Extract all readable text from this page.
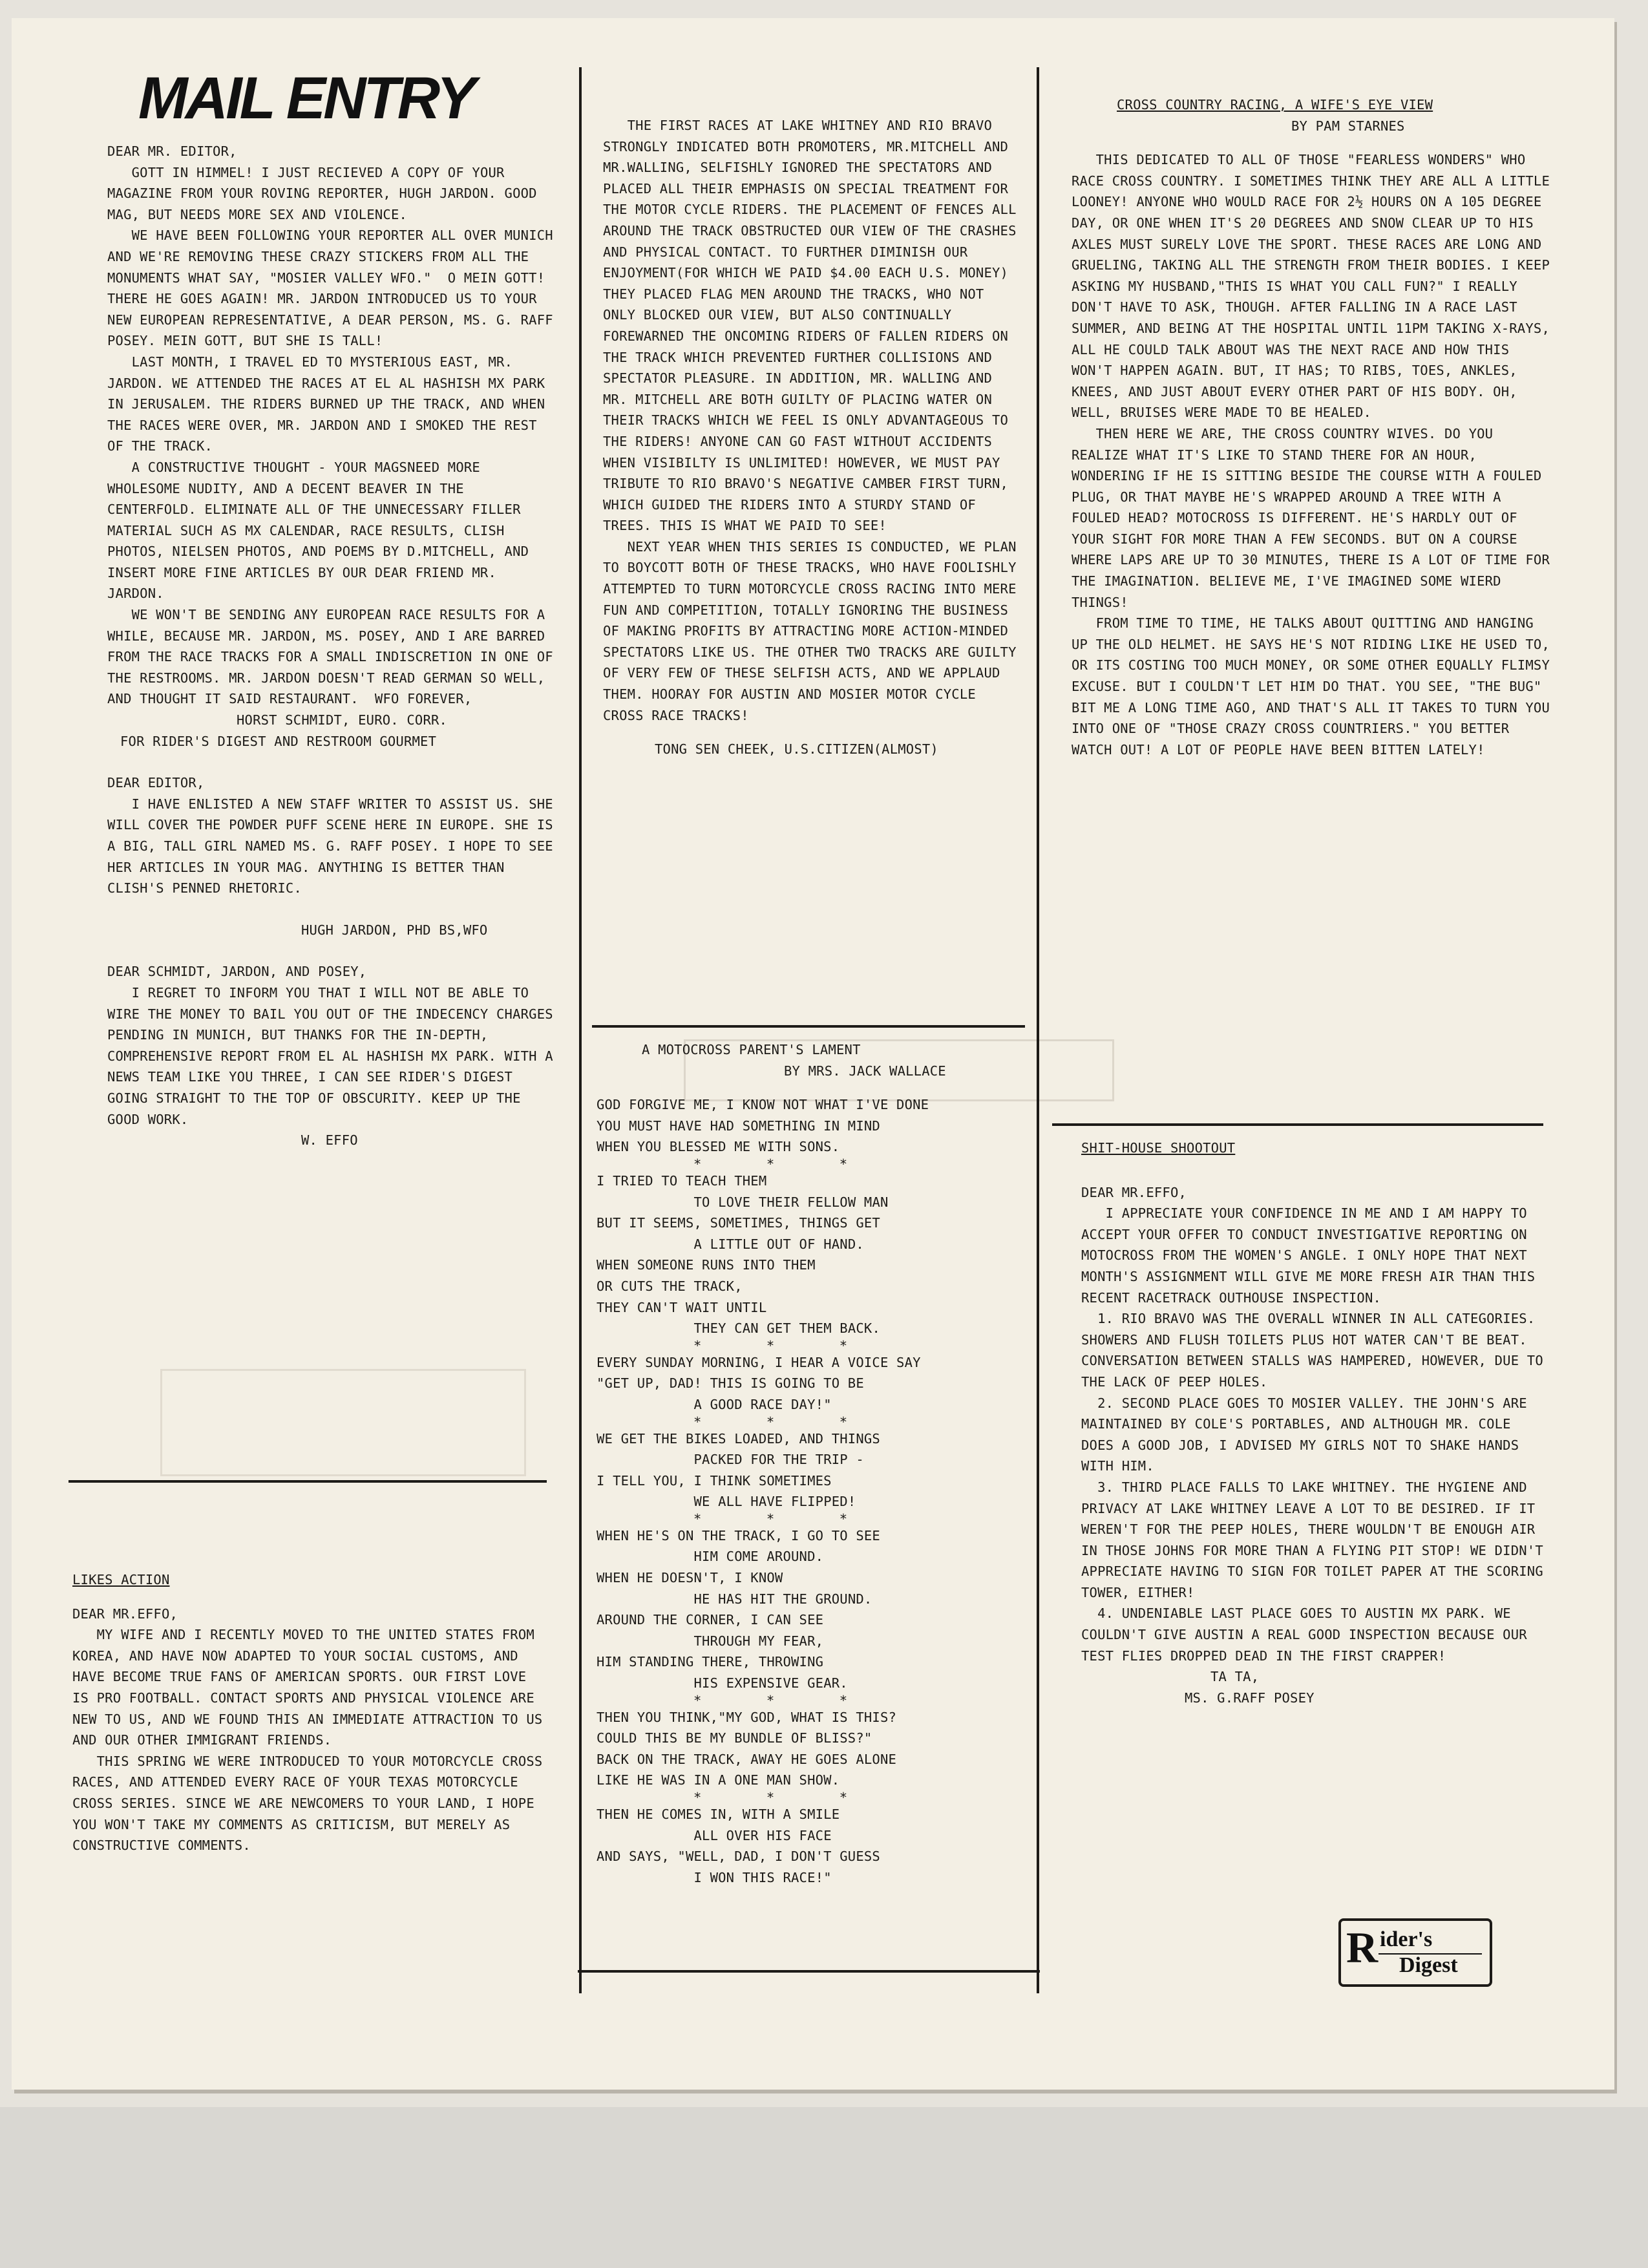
MAIL ENTRY

DEAR MR. EDITOR,
GOTT IN HIMMEL! I JUST RECIEVED A COPY OF YOUR MAGAZINE FROM YOUR ROVING REPORTER, HUGH JARDON. GOOD MAG, BUT NEEDS MORE SEX AND VIOLENCE.
WE HAVE BEEN FOLLOWING YOUR REPORTER ALL OVER MUNICH AND WE'RE REMOVING THESE CRAZY STICKERS FROM ALL THE MONUMENTS WHAT SAY, "MOSIER VALLEY WFO."  O MEIN GOTT! THERE HE GOES AGAIN! MR. JARDON INTRODUCED US TO YOUR NEW EUROPEAN REPRESENTATIVE, A DEAR PERSON, MS. G. RAFF POSEY. MEIN GOTT, BUT SHE IS TALL!
LAST MONTH, I TRAVEL ED TO MYSTERIOUS EAST, MR. JARDON. WE ATTENDED THE RACES AT EL AL HASHISH MX PARK IN JERUSALEM. THE RIDERS BURNED UP THE TRACK, AND WHEN THE RACES WERE OVER, MR. JARDON AND I SMOKED THE REST OF THE TRACK.
A CONSTRUCTIVE THOUGHT - YOUR MAGSNEED MORE WHOLESOME NUDITY, AND A DECENT BEAVER IN THE CENTERFOLD. ELIMINATE ALL OF THE UNNECESSARY FILLER MATERIAL SUCH AS MX CALENDAR, RACE RESULTS, CLISH PHOTOS, NIELSEN PHOTOS, AND POEMS BY D.MITCHELL, AND INSERT MORE FINE ARTICLES BY OUR DEAR FRIEND MR. JARDON.
WE WON'T BE SENDING ANY EUROPEAN RACE RESULTS FOR A WHILE, BECAUSE MR. JARDON, MS. POSEY, AND I ARE BARRED FROM THE RACE TRACKS FOR A SMALL INDISCRETION IN ONE OF THE RESTROOMS. MR. JARDON DOESN'T READ GERMAN SO WELL, AND THOUGHT IT SAID RESTAURANT.  WFO FOREVER,

HORST SCHMIDT, EURO. CORR.

FOR RIDER'S DIGEST AND RESTROOM GOURMET

DEAR EDITOR,
I HAVE ENLISTED A NEW STAFF WRITER TO ASSIST US. SHE WILL COVER THE POWDER PUFF SCENE HERE IN EUROPE. SHE IS A BIG, TALL GIRL NAMED MS. G. RAFF POSEY. I HOPE TO SEE HER ARTICLES IN YOUR MAG. ANYTHING IS BETTER THAN CLISH'S PENNED RHETORIC.

HUGH JARDON, PHD BS,WFO

DEAR SCHMIDT, JARDON, AND POSEY,
I REGRET TO INFORM YOU THAT I WILL NOT BE ABLE TO WIRE THE MONEY TO BAIL YOU OUT OF THE INDECENCY CHARGES PENDING IN MUNICH, BUT THANKS FOR THE IN-DEPTH, COMPREHENSIVE REPORT FROM EL AL HASHISH MX PARK. WITH A NEWS TEAM LIKE YOU THREE, I CAN SEE RIDER'S DIGEST GOING STRAIGHT TO THE TOP OF OBSCURITY. KEEP UP THE GOOD WORK.

W. EFFO

LIKES ACTION

DEAR MR.EFFO,
MY WIFE AND I RECENTLY MOVED TO THE UNITED STATES FROM KOREA, AND HAVE NOW ADAPTED TO YOUR SOCIAL CUSTOMS, AND HAVE BECOME TRUE FANS OF AMERICAN SPORTS. OUR FIRST LOVE IS PRO FOOTBALL. CONTACT SPORTS AND PHYSICAL VIOLENCE ARE NEW TO US, AND WE FOUND THIS AN IMMEDIATE ATTRACTION TO US AND OUR OTHER IMMIGRANT FRIENDS.
THIS SPRING WE WERE INTRODUCED TO YOUR MOTORCYCLE CROSS RACES, AND ATTENDED EVERY RACE OF YOUR TEXAS MOTORCYCLE CROSS SERIES. SINCE WE ARE NEWCOMERS TO YOUR LAND, I HOPE YOU WON'T TAKE MY COMMENTS AS CRITICISM, BUT MERELY AS CONSTRUCTIVE COMMENTS.

THE FIRST RACES AT LAKE WHITNEY AND RIO BRAVO STRONGLY INDICATED BOTH PROMOTERS, MR.MITCHELL AND MR.WALLING, SELFISHLY IGNORED THE SPECTATORS AND PLACED ALL THEIR EMPHASIS ON SPECIAL TREATMENT FOR THE MOTOR CYCLE RIDERS. THE PLACEMENT OF FENCES ALL AROUND THE TRACK OBSTRUCTED OUR VIEW OF THE CRASHES AND PHYSICAL CONTACT. TO FURTHER DIMINISH OUR ENJOYMENT(FOR WHICH WE PAID $4.00 EACH U.S. MONEY) THEY PLACED FLAG MEN AROUND THE TRACKS, WHO NOT ONLY BLOCKED OUR VIEW, BUT ALSO CONTINUALLY FOREWARNED THE ONCOMING RIDERS OF FALLEN RIDERS ON THE TRACK WHICH PREVENTED FURTHER COLLISIONS AND SPECTATOR PLEASURE. IN ADDITION, MR. WALLING AND MR. MITCHELL ARE BOTH GUILTY OF PLACING WATER ON THEIR TRACKS WHICH WE FEEL IS ONLY ADVANTAGEOUS TO THE RIDERS! ANYONE CAN GO FAST WITHOUT ACCIDENTS WHEN VISIBILTY IS UNLIMITED! HOWEVER, WE MUST PAY TRIBUTE TO RIO BRAVO'S NEGATIVE CAMBER FIRST TURN, WHICH GUIDED THE RIDERS INTO A STURDY STAND OF TREES. THIS IS WHAT WE PAID TO SEE!
NEXT YEAR WHEN THIS SERIES IS CONDUCTED, WE PLAN TO BOYCOTT BOTH OF THESE TRACKS, WHO HAVE FOOLISHLY ATTEMPTED TO TURN MOTORCYCLE CROSS RACING INTO MERE FUN AND COMPETITION, TOTALLY IGNORING THE BUSINESS OF MAKING PROFITS BY ATTRACTING MORE ACTION-MINDED SPECTATORS LIKE US. THE OTHER TWO TRACKS ARE GUILTY OF VERY FEW OF THESE SELFISH ACTS, AND WE APPLAUD THEM. HOORAY FOR AUSTIN AND MOSIER MOTOR CYCLE CROSS RACE TRACKS!

TONG SEN CHEEK, U.S.CITIZEN(ALMOST)

A MOTOCROSS PARENT'S LAMENT

BY MRS. JACK WALLACE

GOD FORGIVE ME, I KNOW NOT WHAT I'VE DONE

YOU MUST HAVE HAD SOMETHING IN MIND

WHEN YOU BLESSED ME WITH SONS.

*        *        *

I TRIED TO TEACH THEM

TO LOVE THEIR FELLOW MAN

BUT IT SEEMS, SOMETIMES, THINGS GET

A LITTLE OUT OF HAND.

WHEN SOMEONE RUNS INTO THEM

OR CUTS THE TRACK,

THEY CAN'T WAIT UNTIL

THEY CAN GET THEM BACK.

*        *        *

EVERY SUNDAY MORNING, I HEAR A VOICE SAY

"GET UP, DAD! THIS IS GOING TO BE

A GOOD RACE DAY!"

*        *        *

WE GET THE BIKES LOADED, AND THINGS

PACKED FOR THE TRIP -

I TELL YOU, I THINK SOMETIMES

WE ALL HAVE FLIPPED!

*        *        *

WHEN HE'S ON THE TRACK, I GO TO SEE

HIM COME AROUND.

WHEN HE DOESN'T, I KNOW

HE HAS HIT THE GROUND.

AROUND THE CORNER, I CAN SEE

THROUGH MY FEAR,

HIM STANDING THERE, THROWING

HIS EXPENSIVE GEAR.

*        *        *

THEN YOU THINK,"MY GOD, WHAT IS THIS?

COULD THIS BE MY BUNDLE OF BLISS?"

BACK ON THE TRACK, AWAY HE GOES ALONE

LIKE HE WAS IN A ONE MAN SHOW.

*        *        *

THEN HE COMES IN, WITH A SMILE

ALL OVER HIS FACE

AND SAYS, "WELL, DAD, I DON'T GUESS

I WON THIS RACE!"

CROSS COUNTRY RACING, A WIFE'S EYE VIEW

BY PAM STARNES

THIS DEDICATED TO ALL OF THOSE "FEARLESS WONDERS" WHO RACE CROSS COUNTRY. I SOMETIMES THINK THEY ARE ALL A LITTLE LOONEY! ANYONE WHO WOULD RACE FOR 2½ HOURS ON A 105 DEGREE DAY, OR ONE WHEN IT'S 20 DEGREES AND SNOW CLEAR UP TO HIS AXLES MUST SURELY LOVE THE SPORT. THESE RACES ARE LONG AND GRUELING, TAKING ALL THE STRENGTH FROM THEIR BODIES. I KEEP ASKING MY HUSBAND,"THIS IS WHAT YOU CALL FUN?" I REALLY DON'T HAVE TO ASK, THOUGH. AFTER FALLING IN A RACE LAST SUMMER, AND BEING AT THE HOSPITAL UNTIL 11PM TAKING X-RAYS, ALL HE COULD TALK ABOUT WAS THE NEXT RACE AND HOW THIS WON'T HAPPEN AGAIN. BUT, IT HAS; TO RIBS, TOES, ANKLES, KNEES, AND JUST ABOUT EVERY OTHER PART OF HIS BODY. OH, WELL, BRUISES WERE MADE TO BE HEALED.
THEN HERE WE ARE, THE CROSS COUNTRY WIVES. DO YOU REALIZE WHAT IT'S LIKE TO STAND THERE FOR AN HOUR, WONDERING IF HE IS SITTING BESIDE THE COURSE WITH A FOULED PLUG, OR THAT MAYBE HE'S WRAPPED AROUND A TREE WITH A FOULED HEAD? MOTOCROSS IS DIFFERENT. HE'S HARDLY OUT OF YOUR SIGHT FOR MORE THAN A FEW SECONDS. BUT ON A COURSE WHERE LAPS ARE UP TO 30 MINUTES, THERE IS A LOT OF TIME FOR THE IMAGINATION. BELIEVE ME, I'VE IMAGINED SOME WIERD THINGS!
FROM TIME TO TIME, HE TALKS ABOUT QUITTING AND HANGING UP THE OLD HELMET. HE SAYS HE'S NOT RIDING LIKE HE USED TO, OR ITS COSTING TOO MUCH MONEY, OR SOME OTHER EQUALLY FLIMSY EXCUSE. BUT I COULDN'T LET HIM DO THAT. YOU SEE, "THE BUG" BIT ME A LONG TIME AGO, AND THAT'S ALL IT TAKES TO TURN YOU INTO ONE OF "THOSE CRAZY CROSS COUNTRIERS." YOU BETTER WATCH OUT! A LOT OF PEOPLE HAVE BEEN BITTEN LATELY!

SHIT-HOUSE SHOOTOUT

DEAR MR.EFFO,
I APPRECIATE YOUR CONFIDENCE IN ME AND I AM HAPPY TO ACCEPT YOUR OFFER TO CONDUCT INVESTIGATIVE REPORTING ON MOTOCROSS FROM THE WOMEN'S ANGLE. I ONLY HOPE THAT NEXT MONTH'S ASSIGNMENT WILL GIVE ME MORE FRESH AIR THAN THIS RECENT RACETRACK OUTHOUSE INSPECTION.
1. RIO BRAVO WAS THE OVERALL WINNER IN ALL CATEGORIES. SHOWERS AND FLUSH TOILETS PLUS HOT WATER CAN'T BE BEAT. CONVERSATION BETWEEN STALLS WAS HAMPERED, HOWEVER, DUE TO THE LACK OF PEEP HOLES.
2. SECOND PLACE GOES TO MOSIER VALLEY. THE JOHN'S ARE MAINTAINED BY COLE'S PORTABLES, AND ALTHOUGH MR. COLE DOES A GOOD JOB, I ADVISED MY GIRLS NOT TO SHAKE HANDS WITH HIM.
3. THIRD PLACE FALLS TO LAKE WHITNEY. THE HYGIENE AND PRIVACY AT LAKE WHITNEY LEAVE A LOT TO BE DESIRED. IF IT WEREN'T FOR THE PEEP HOLES, THERE WOULDN'T BE ENOUGH AIR IN THOSE JOHNS FOR MORE THAN A FLYING PIT STOP! WE DIDN'T APPRECIATE HAVING TO SIGN FOR TOILET PAPER AT THE SCORING TOWER, EITHER!
4. UNDENIABLE LAST PLACE GOES TO AUSTIN MX PARK. WE COULDN'T GIVE AUSTIN A REAL GOOD INSPECTION BECAUSE OUR TEST FLIES DROPPED DEAD IN THE FIRST CRAPPER!

TA TA,

MS. G.RAFF POSEY

R ider's
Digest
